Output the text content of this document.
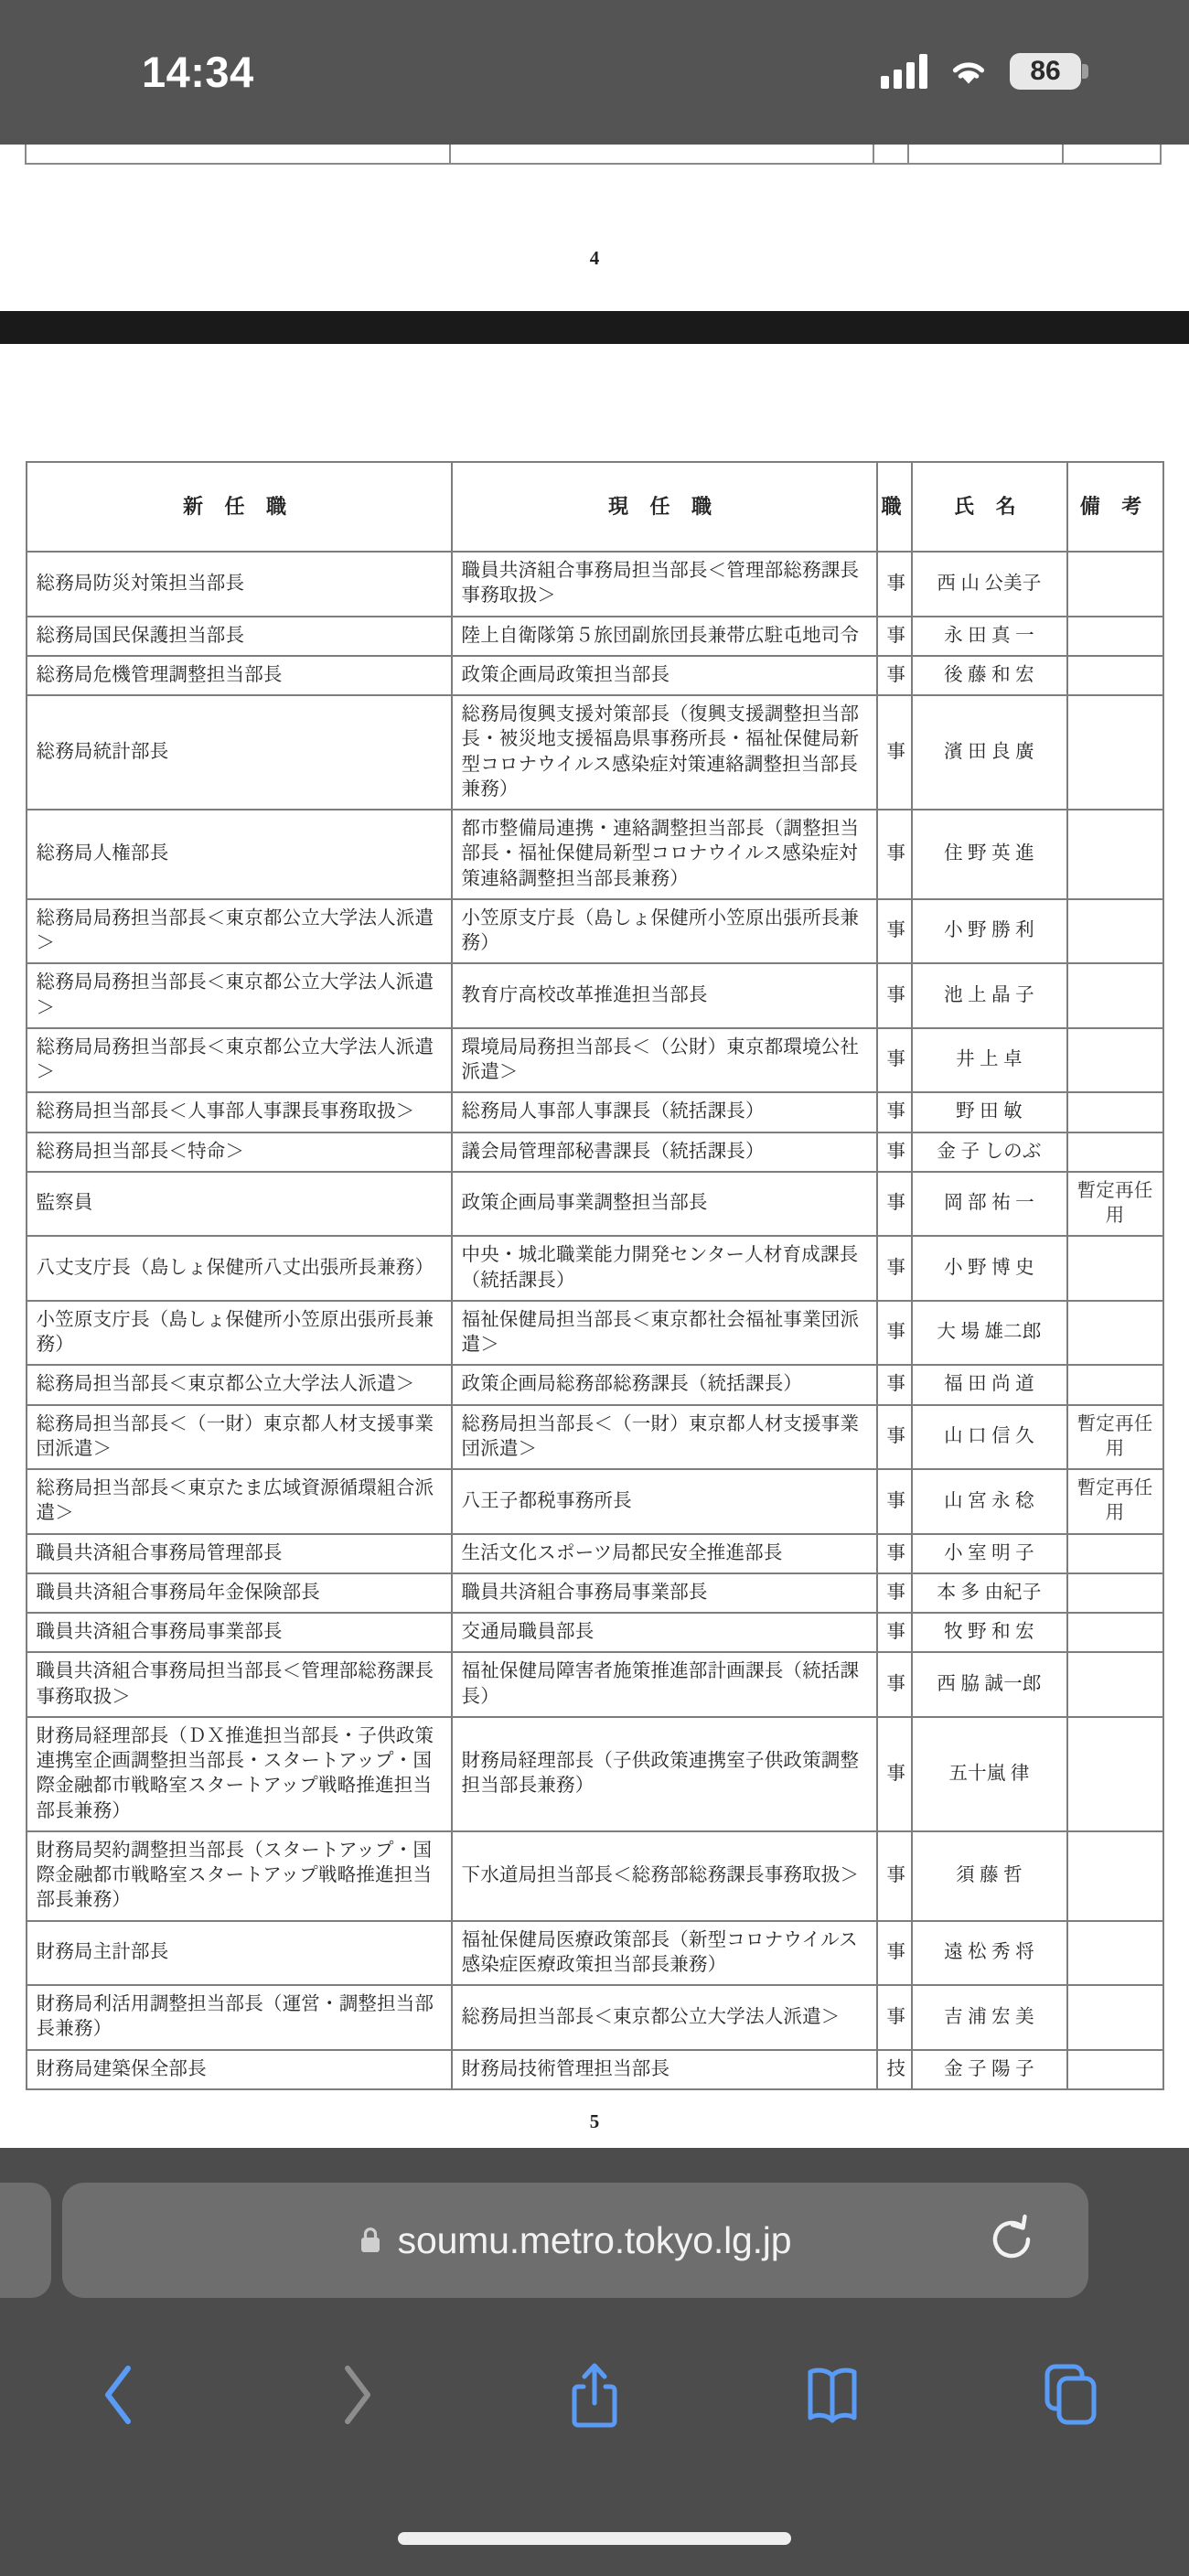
14:34	86
4
新 任 職	現 任 職	職	氏 名	備 考
総務局防災対策担当部長	職員共済組合事務局担当部長＜管理部総務課長事務取扱＞	事	西 山 公美子	
総務局国民保護担当部長	陸上自衛隊第５旅団副旅団長兼帯広駐屯地司令	事	永 田 真 一	
総務局危機管理調整担当部長	政策企画局政策担当部長	事	後 藤 和 宏	
総務局統計部長	総務局復興支援対策部長（復興支援調整担当部長・被災地支援福島県事務所長・福祉保健局新型コロナウイルス感染症対策連絡調整担当部長兼務）	事	濱 田 良 廣	
総務局人権部長	都市整備局連携・連絡調整担当部長（調整担当部長・福祉保健局新型コロナウイルス感染症対策連絡調整担当部長兼務）	事	住 野 英 進	
総務局局務担当部長＜東京都公立大学法人派遣＞	小笠原支庁長（島しょ保健所小笠原出張所長兼務）	事	小 野 勝 利	
総務局局務担当部長＜東京都公立大学法人派遣＞	教育庁高校改革推進担当部長	事	池 上 晶 子	
総務局局務担当部長＜東京都公立大学法人派遣＞	環境局局務担当部長＜（公財）東京都環境公社派遣＞	事	井 上 卓	
総務局担当部長＜人事部人事課長事務取扱＞	総務局人事部人事課長（統括課長）	事	野 田 敏	
総務局担当部長＜特命＞	議会局管理部秘書課長（統括課長）	事	金 子 しのぶ	
監察員	政策企画局事業調整担当部長	事	岡 部 祐 一	暫定再任用
八丈支庁長（島しょ保健所八丈出張所長兼務）	中央・城北職業能力開発センター人材育成課長（統括課長）	事	小 野 博 史	
小笠原支庁長（島しょ保健所小笠原出張所長兼務）	福祉保健局担当部長＜東京都社会福祉事業団派遣＞	事	大 場 雄二郎	
総務局担当部長＜東京都公立大学法人派遣＞	政策企画局総務部総務課長（統括課長）	事	福 田 尚 道	
総務局担当部長＜（一財）東京都人材支援事業団派遣＞	総務局担当部長＜（一財）東京都人材支援事業団派遣＞	事	山 口 信 久	暫定再任用
総務局担当部長＜東京たま広域資源循環組合派遣＞	八王子都税事務所長	事	山 宮 永 稔	暫定再任用
職員共済組合事務局管理部長	生活文化スポーツ局都民安全推進部長	事	小 室 明 子	
職員共済組合事務局年金保険部長	職員共済組合事務局事業部長	事	本 多 由紀子	
職員共済組合事務局事業部長	交通局職員部長	事	牧 野 和 宏	
職員共済組合事務局担当部長＜管理部総務課長事務取扱＞	福祉保健局障害者施策推進部計画課長（統括課長）	事	西 脇 誠一郎	
財務局経理部長（ＤＸ推進担当部長・子供政策連携室企画調整担当部長・スタートアップ・国際金融都市戦略室スタートアップ戦略推進担当部長兼務）	財務局経理部長（子供政策連携室子供政策調整担当部長兼務）	事	五十嵐 律	
財務局契約調整担当部長（スタートアップ・国際金融都市戦略室スタートアップ戦略推進担当部長兼務）	下水道局担当部長＜総務部総務課長事務取扱＞	事	須 藤 哲	
財務局主計部長	福祉保健局医療政策部長（新型コロナウイルス感染症医療政策担当部長兼務）	事	遠 松 秀 将	
財務局利活用調整担当部長（運営・調整担当部長兼務）	総務局担当部長＜東京都公立大学法人派遣＞	事	吉 浦 宏 美	
財務局建築保全部長	財務局技術管理担当部長	技	金 子 陽 子	
5
soumu.metro.tokyo.lg.jp
